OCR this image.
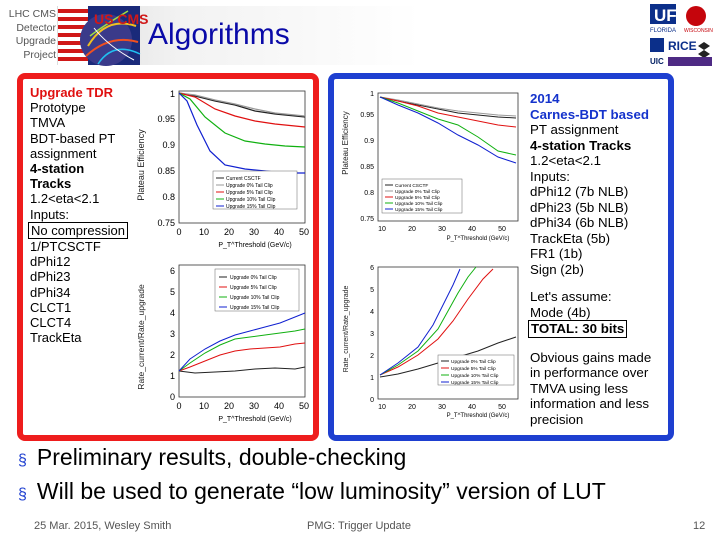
LHC CMS
Detector
Upgrade
Project
US CMS Algorithms
UF
FLORIDA WISCONSIN
RICE
UIC
Upgrade TDR
Prototype
TMVA
BDT-based PT
assignment
4-station
Tracks
1.2<eta<2.1
Inputs:
No compression
1/PTCSCTF
dPhi12
dPhi23
dPhi34
CLCT1
CLCT4
TrackEta
Plateau Efficiency
1
0.95
0.9
0.85
0.8
0.75
Current CSCTF
Upgrade 0% Tail Clip
Upgrade 5% Tail Clip
Upgrade 10% Tail Clip
Upgrade 15% Tail Clip
0 10 20 30 40 50
P_T^Threshold (GeV/c)
Rate_current/Rate_upgrade
6
5
4
3
2
1
0
Upgrade 0% Tail Clip
Upgrade 5% Tail Clip
Upgrade 10% Tail Clip
Upgrade 15% Tail Clip
0 10 20 30 40 50
P_T^Threshold (GeV/c)
Plateau Efficiency
1
0.95
0.9
0.85
0.8
0.75
Current CSCTF
Upgrade 0% Tail Clip
Upgrade 5% Tail Clip
Upgrade 10% Tail Clip
Upgrade 15% Tail Clip
10	20	30	40	50
P_T^Threshold (GeV/c)
Rate_current/Rate_upgrade
6
5
4
3
2
1
0
Upgrade 0% Tail Clip
Upgrade 5% Tail Clip
Upgrade 10% Tail Clip
Upgrade 15% Tail Clip
10	20	30	40	50
P_T^Threshold (GeV/c)
2014
Carnes-BDT based
PT assignment
4-station Tracks
1.2<eta<2.1
Inputs:
dPhi12 (7b NLB)
dPhi23 (5b NLB)
dPhi34 (6b NLB)
TrackEta (5b)
FR1 (1b)
Sign (2b)
Let's assume:
Mode (4b)
TOTAL: 30 bits
Obvious gains made
in performance over
TMVA using less
information and less
precision
§ Preliminary results, double-checking
§ Will be used to generate “low luminosity” version of LUT
25 Mar. 2015, Wesley Smith	PMG: Trigger Update	12
